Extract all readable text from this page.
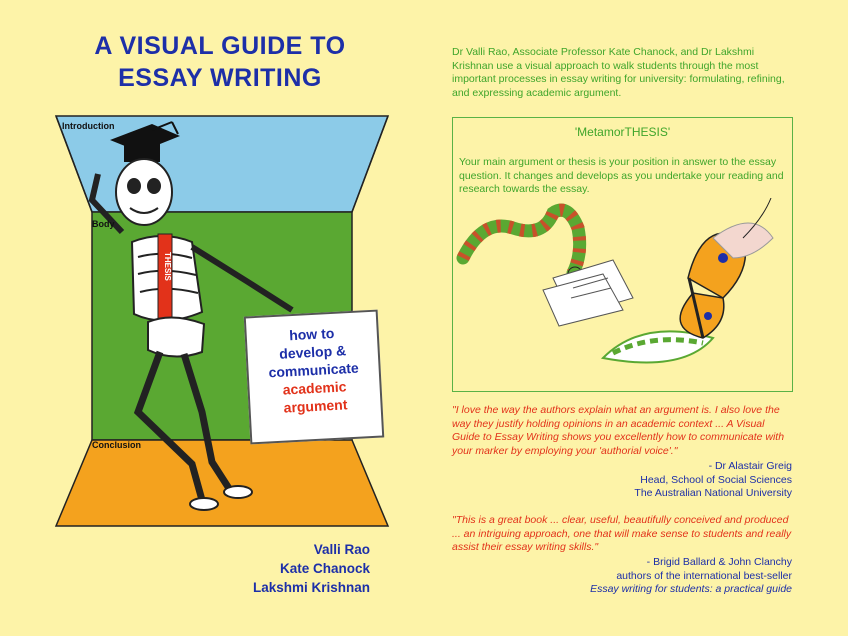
A VISUAL GUIDE TO
ESSAY WRITING
THESIS
Introduction
Body
Conclusion
how to
develop &
communicate
academic
argument
Valli Rao
Kate Chanock
Lakshmi Krishnan
Dr Valli Rao, Associate Professor Kate Chanock, and Dr Lakshmi Krishnan use a visual approach to walk students through the most important processes in essay writing for university: formulating, refining, and expressing academic argument.
'MetamorTHESIS'
Your main argument or thesis is your position in answer to the essay question. It changes and develops as you undertake your reading and research towards the essay.
"I love the way the authors explain what an argument is. I also love the way they justify holding opinions in an academic context ... A Visual Guide to Essay Writing shows you excellently how to communicate with your marker by employing your 'authorial voice'."
- Dr Alastair Greig
Head, School of Social Sciences
The Australian National University
"This is a great book ... clear, useful, beautifully conceived and produced ... an intriguing approach, one that will make sense to students and really assist their essay writing skills."
- Brigid Ballard & John Clanchy
authors of the international best-seller
Essay writing for students: a practical guide
